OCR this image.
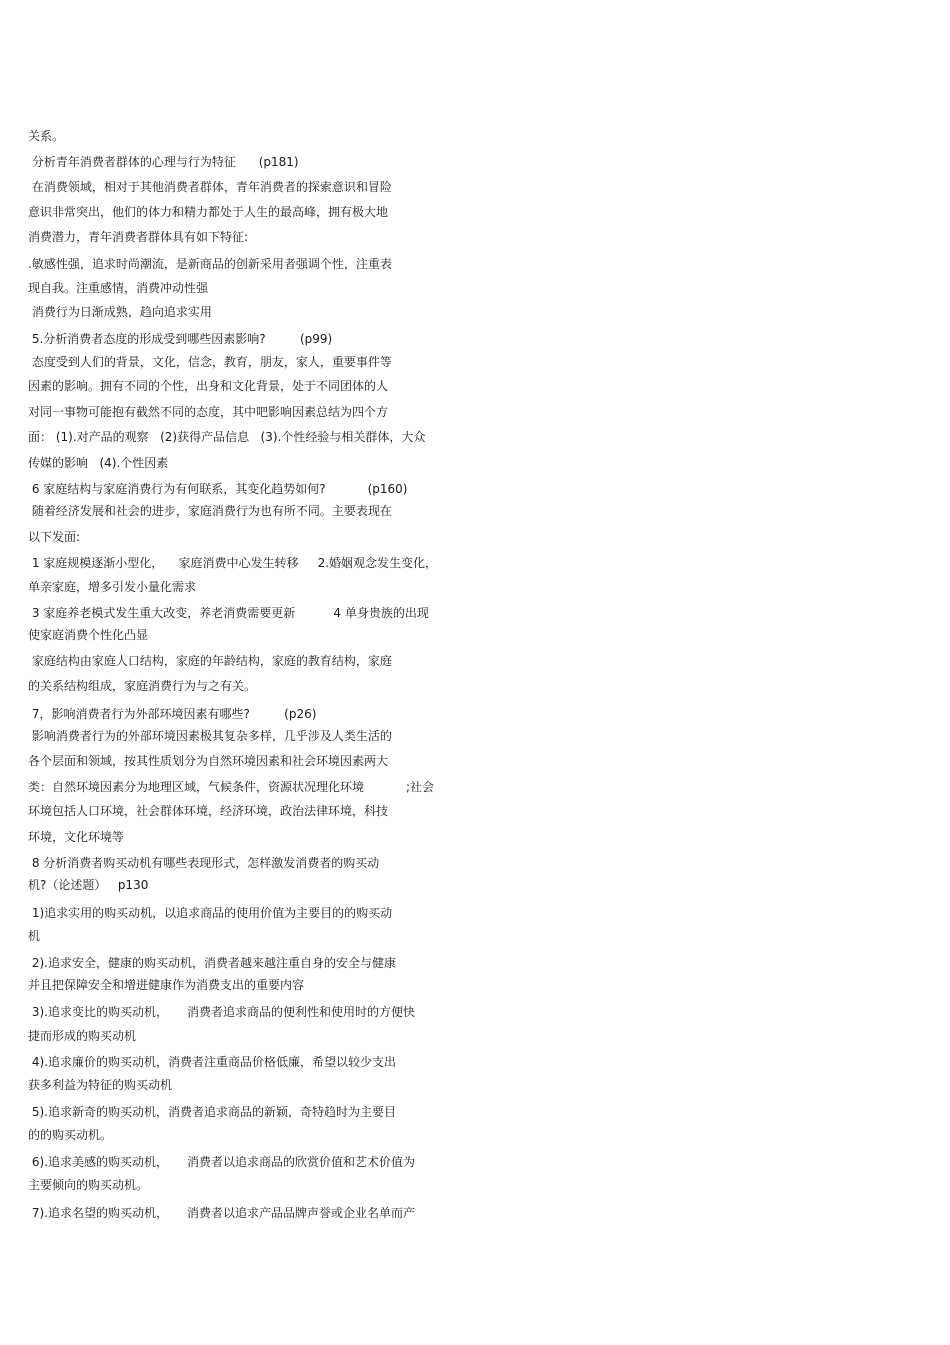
关系。
分析青年消费者群体的心理与行为特征      (p181)
在消费领域，相对于其他消费者群体，青年消费者的探索意识和冒险
意识非常突出，他们的体力和精力都处于人生的最高峰，拥有极大地
消费潜力，青年消费者群体具有如下特征:
.敏感性强，追求时尚潮流，是新商品的创新采用者强调个性，注重表
现自我。注重感情，消费冲动性强
消费行为日渐成熟，趋向追求实用
5.分析消费者态度的形成受到哪些因素影响?         (p99)
态度受到人们的背景，文化，信念，教育，朋友，家人，重要事件等
因素的影响。拥有不同的个性，出身和文化背景，处于不同团体的人
对同一事物可能抱有截然不同的态度，其中吧影响因素总结为四个方
面： (1).对产品的观察   (2)获得产品信息   (3).个性经验与相关群体，大众
传媒的影响   (4).个性因素
6 家庭结构与家庭消费行为有何联系，其变化趋势如何?           (p160)
随着经济发展和社会的进步，家庭消费行为也有所不同。主要表现在
以下发面:
1 家庭规模逐渐小型化，    家庭消费中心发生转移     2.婚姻观念发生变化，
单亲家庭，增多引发小量化需求
3 家庭养老模式发生重大改变，养老消费需要更新          4 单身贵族的出现
使家庭消费个性化凸显
家庭结构由家庭人口结构，家庭的年龄结构，家庭的教育结构，家庭
的关系结构组成，家庭消费行为与之有关。
7，影响消费者行为外部环境因素有哪些?         (p26)
影响消费者行为的外部环境因素极其复杂多样，几乎涉及人类生活的
各个层面和领域，按其性质划分为自然环境因素和社会环境因素两大
类：自然环境因素分为地理区域，气候条件，资源状况理化环境           ;社会
环境包括人口环境，社会群体环境，经济环境，政治法律环境，科技
环境，文化环境等
8 分析消费者购买动机有哪些表现形式，怎样激发消费者的购买动
机?（论述题）   p130
1)追求实用的购买动机，以追求商品的使用价值为主要目的的购买动
机
2).追求安全，健康的购买动机，消费者越来越注重自身的安全与健康
并且把保障安全和增进健康作为消费支出的重要内容
3).追求变比的购买动机，     消费者追求商品的便利性和使用时的方便快
捷而形成的购买动机
4).追求廉价的购买动机，消费者注重商品价格低廉，希望以较少支出
获多利益为特征的购买动机
5).追求新奇的购买动机，消费者追求商品的新颖，奇特趋时为主要目
的的购买动机。
6).追求美感的购买动机，     消费者以追求商品的欣赏价值和艺术价值为
主要倾向的购买动机。
7).追求名望的购买动机，     消费者以追求产品品牌声誉或企业名单而产
